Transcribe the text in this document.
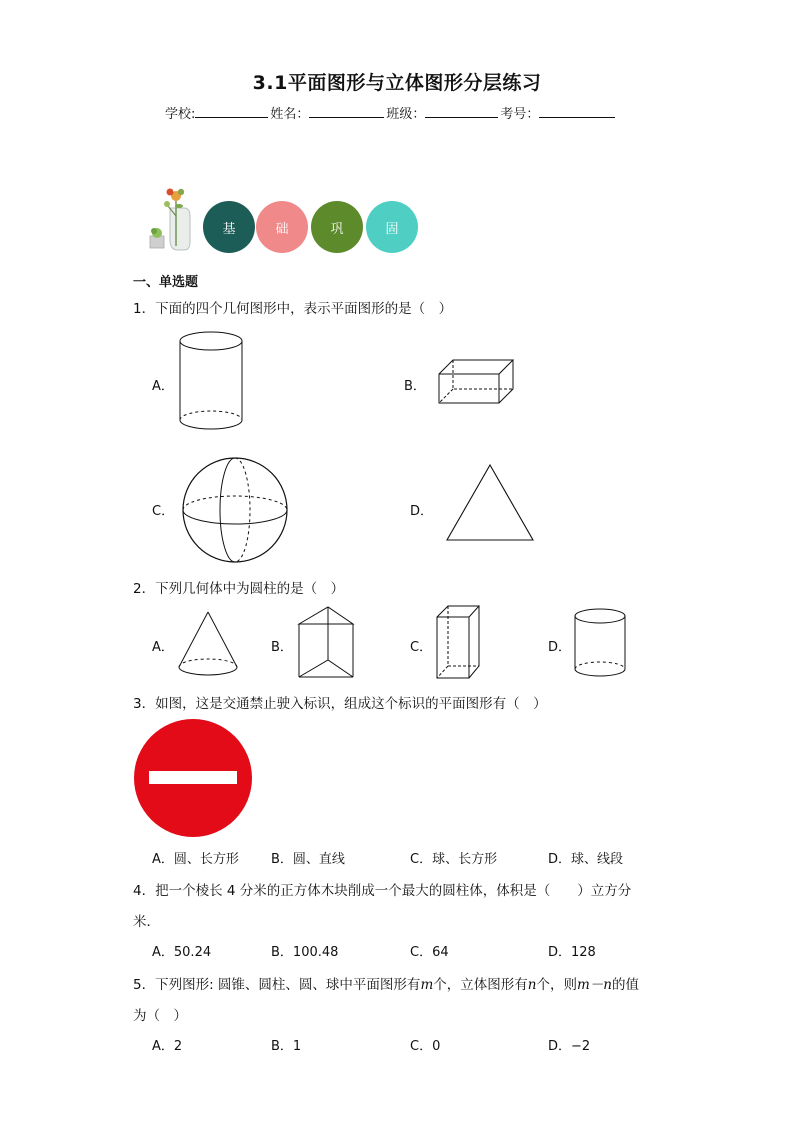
3.1平面图形与立体图形分层练习
学校:	姓名：	班级：	考号：
基	础	巩	固
一、单选题
1．下面的四个几何图形中，表示平面图形的是（　）
A．	B．
C．	D．
2．下列几何体中为圆柱的是（　）
A．	B．	C．	D．
3．如图，这是交通禁止驶入标识，组成这个标识的平面图形有（　）
A．圆、长方形 B．圆、直线	C．球、长方形	D．球、线段
4．把一个棱长 4 分米的正方体木块削成一个最大的圆柱体，体积是（　　）立方分
米．
A．50.24	B．100.48	C．64	D．128
5．下列图形: 圆锥、圆柱、圆、球中平面图形有m个，立体图形有n个，则m－n的值
为（　）
A．2	B．1	C．0	D．−2
